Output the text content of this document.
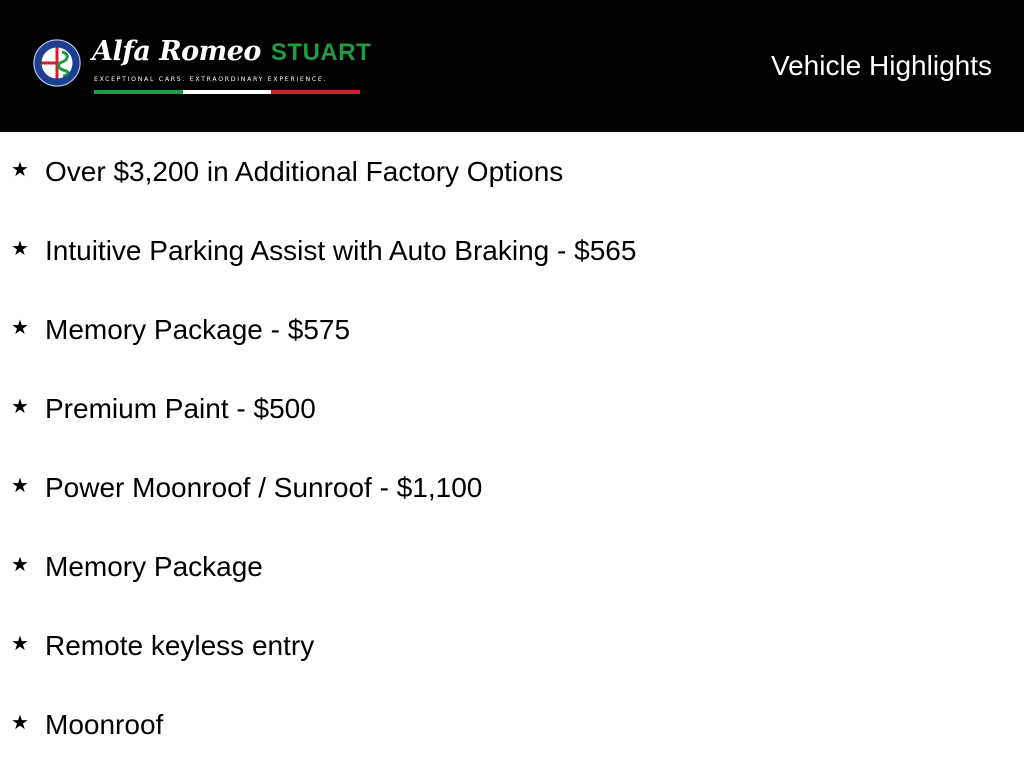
Alfa Romeo STUART
EXCEPTIONAL CARS. EXTRAORDINARY EXPERIENCE.	Vehicle Highlights
★ Over $3,200 in Additional Factory Options
★ Intuitive Parking Assist with Auto Braking - $565
★ Memory Package - $575
★ Premium Paint - $500
★ Power Moonroof / Sunroof - $1,100
★ Memory Package
★ Remote keyless entry
★ Moonroof
